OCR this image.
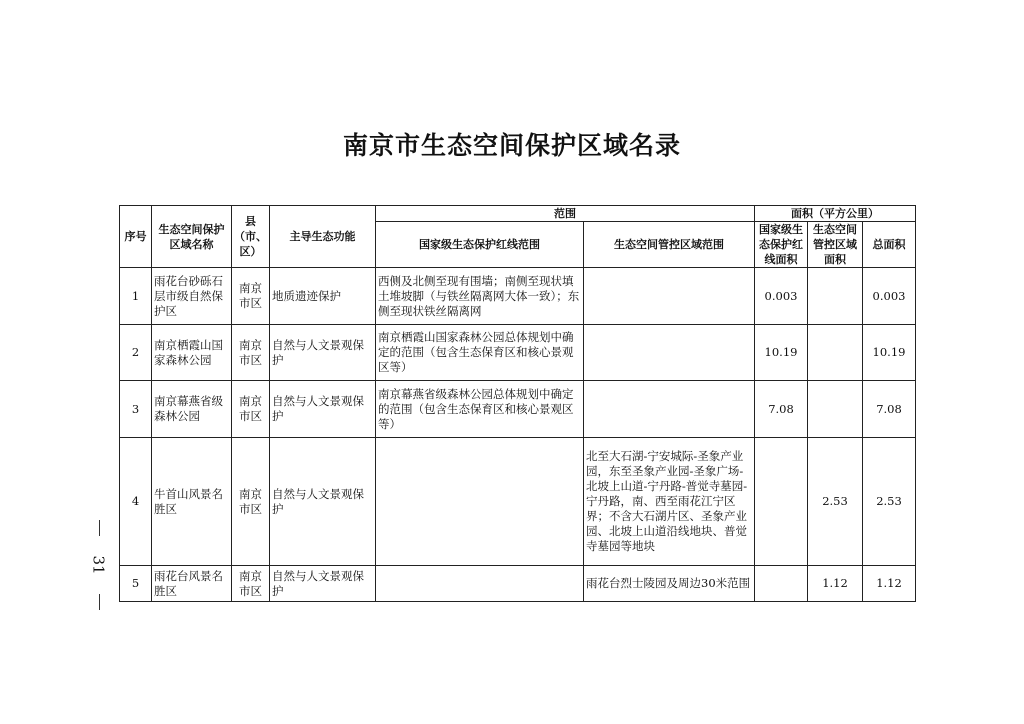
南京市生态空间保护区域名录
序号	生态空间保护区域名称	县（市、区）	主导生态功能	范围		面积（平方公里）		
				国家级生态保护红线范围	生态空间管控区域范围	国家级生态保护红线面积	生态空间管控区域面积	总面积

1	雨花台砂砾石层市级自然保护区	南京市区	地质遗迹保护	西侧及北侧至现有围墙；南侧至现状填土堆坡脚（与铁丝隔离网大体一致）；东侧至现状铁丝隔离网		0.003		0.003
2	南京栖霞山国家森林公园	南京市区	自然与人文景观保护	南京栖霞山国家森林公园总体规划中确定的范围（包含生态保育区和核心景观区等）		10.19		10.19
3	南京幕燕省级森林公园	南京市区	自然与人文景观保护	南京幕燕省级森林公园总体规划中确定的范围（包含生态保育区和核心景观区等）		7.08		7.08
4	牛首山风景名胜区	南京市区	自然与人文景观保护		北至大石湖-宁安城际-圣象产业园，东至圣象产业园-圣象广场-北坡上山道-宁丹路-普觉寺墓园-宁丹路，南、西至雨花江宁区界；不含大石湖片区、圣象产业园、北坡上山道沿线地块、普觉寺墓园等地块		2.53	2.53
5	雨花台风景名胜区	南京市区	自然与人文景观保护		雨花台烈士陵园及周边30米范围		1.12	1.12
31
